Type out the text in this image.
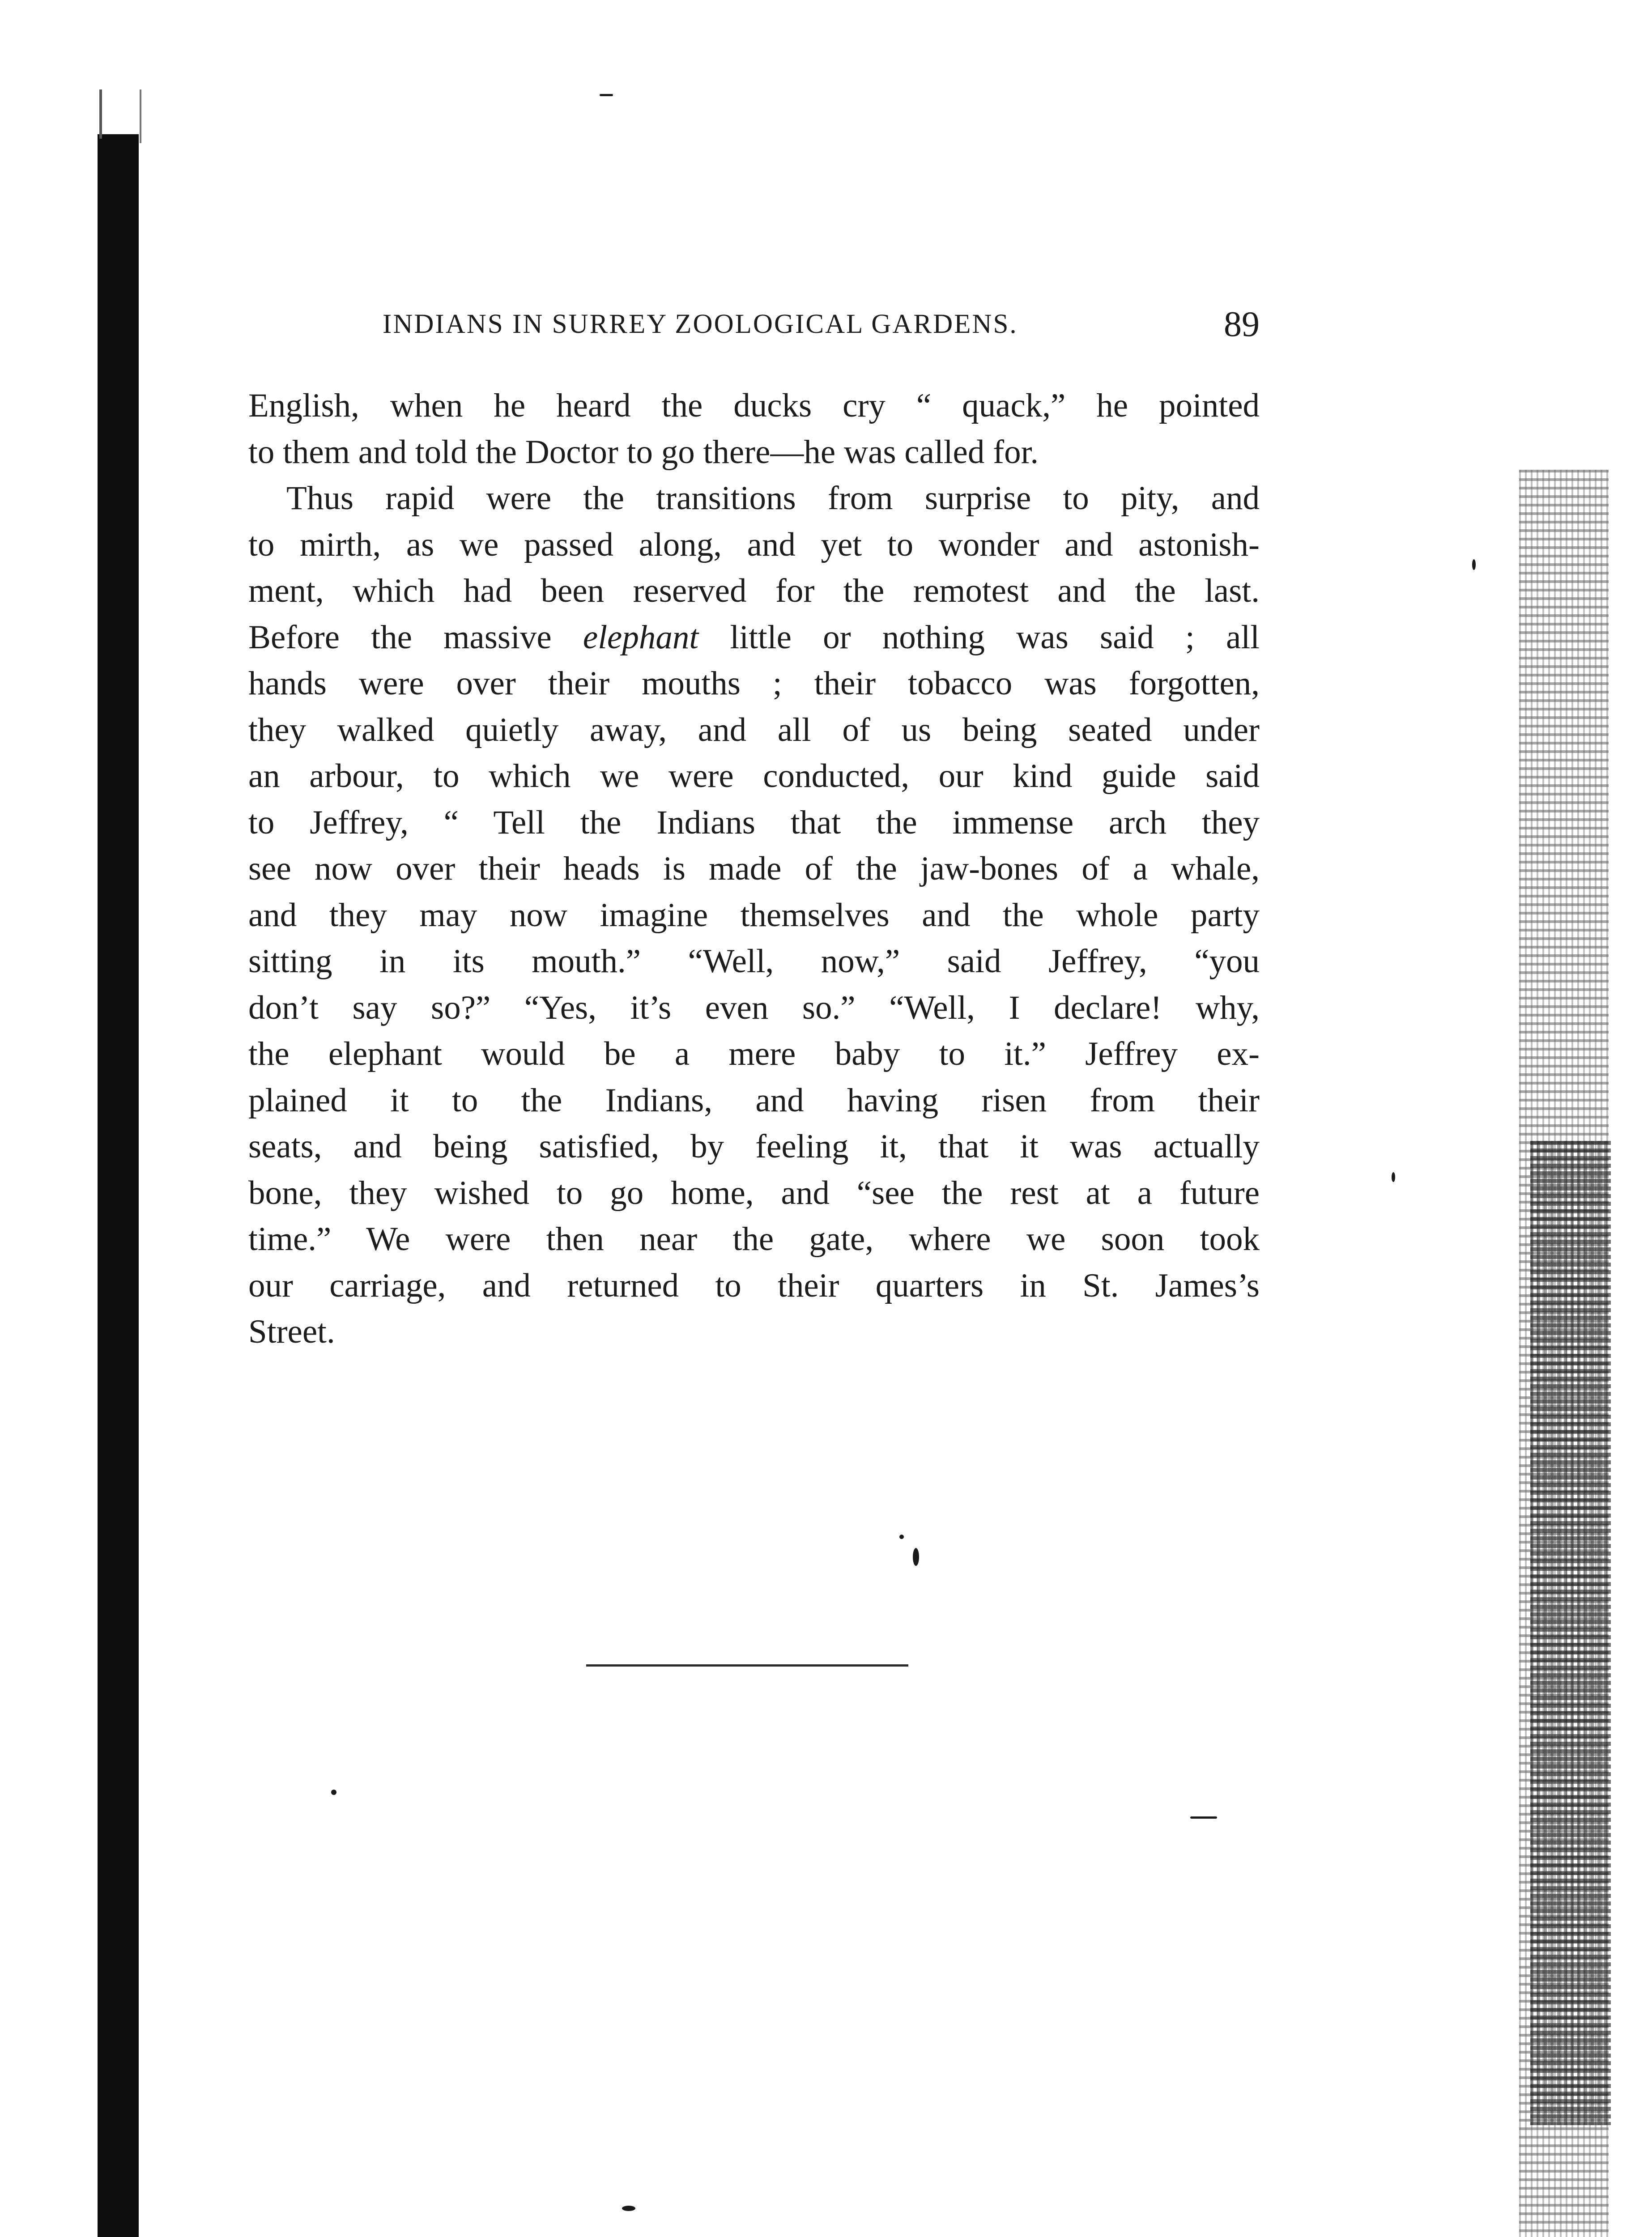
INDIANS IN SURREY ZOOLOGICAL GARDENS.	89
English, when he heard the ducks cry “ quack,” he pointed
to them and told the Doctor to go there—he was called for.
Thus rapid were the transitions from surprise to pity, and
to mirth, as we passed along, and yet to wonder and astonish-
ment, which had been reserved for the remotest and the last.
Before the massive elephant little or nothing was said ; all
hands were over their mouths ; their tobacco was forgotten,
they walked quietly away, and all of us being seated under
an arbour, to which we were conducted, our kind guide said
to Jeffrey, “ Tell the Indians that the immense arch they
see now over their heads is made of the jaw-bones of a whale,
and they may now imagine themselves and the whole party
sitting in its mouth.” “Well, now,” said Jeffrey, “you
don’t say so?” “Yes, it’s even so.” “Well, I declare! why,
the elephant would be a mere baby to it.” Jeffrey ex-
plained it to the Indians, and having risen from their
seats, and being satisfied, by feeling it, that it was actually
bone, they wished to go home, and “see the rest at a future
time.” We were then near the gate, where we soon took
our carriage, and returned to their quarters in St. James’s
Street.
